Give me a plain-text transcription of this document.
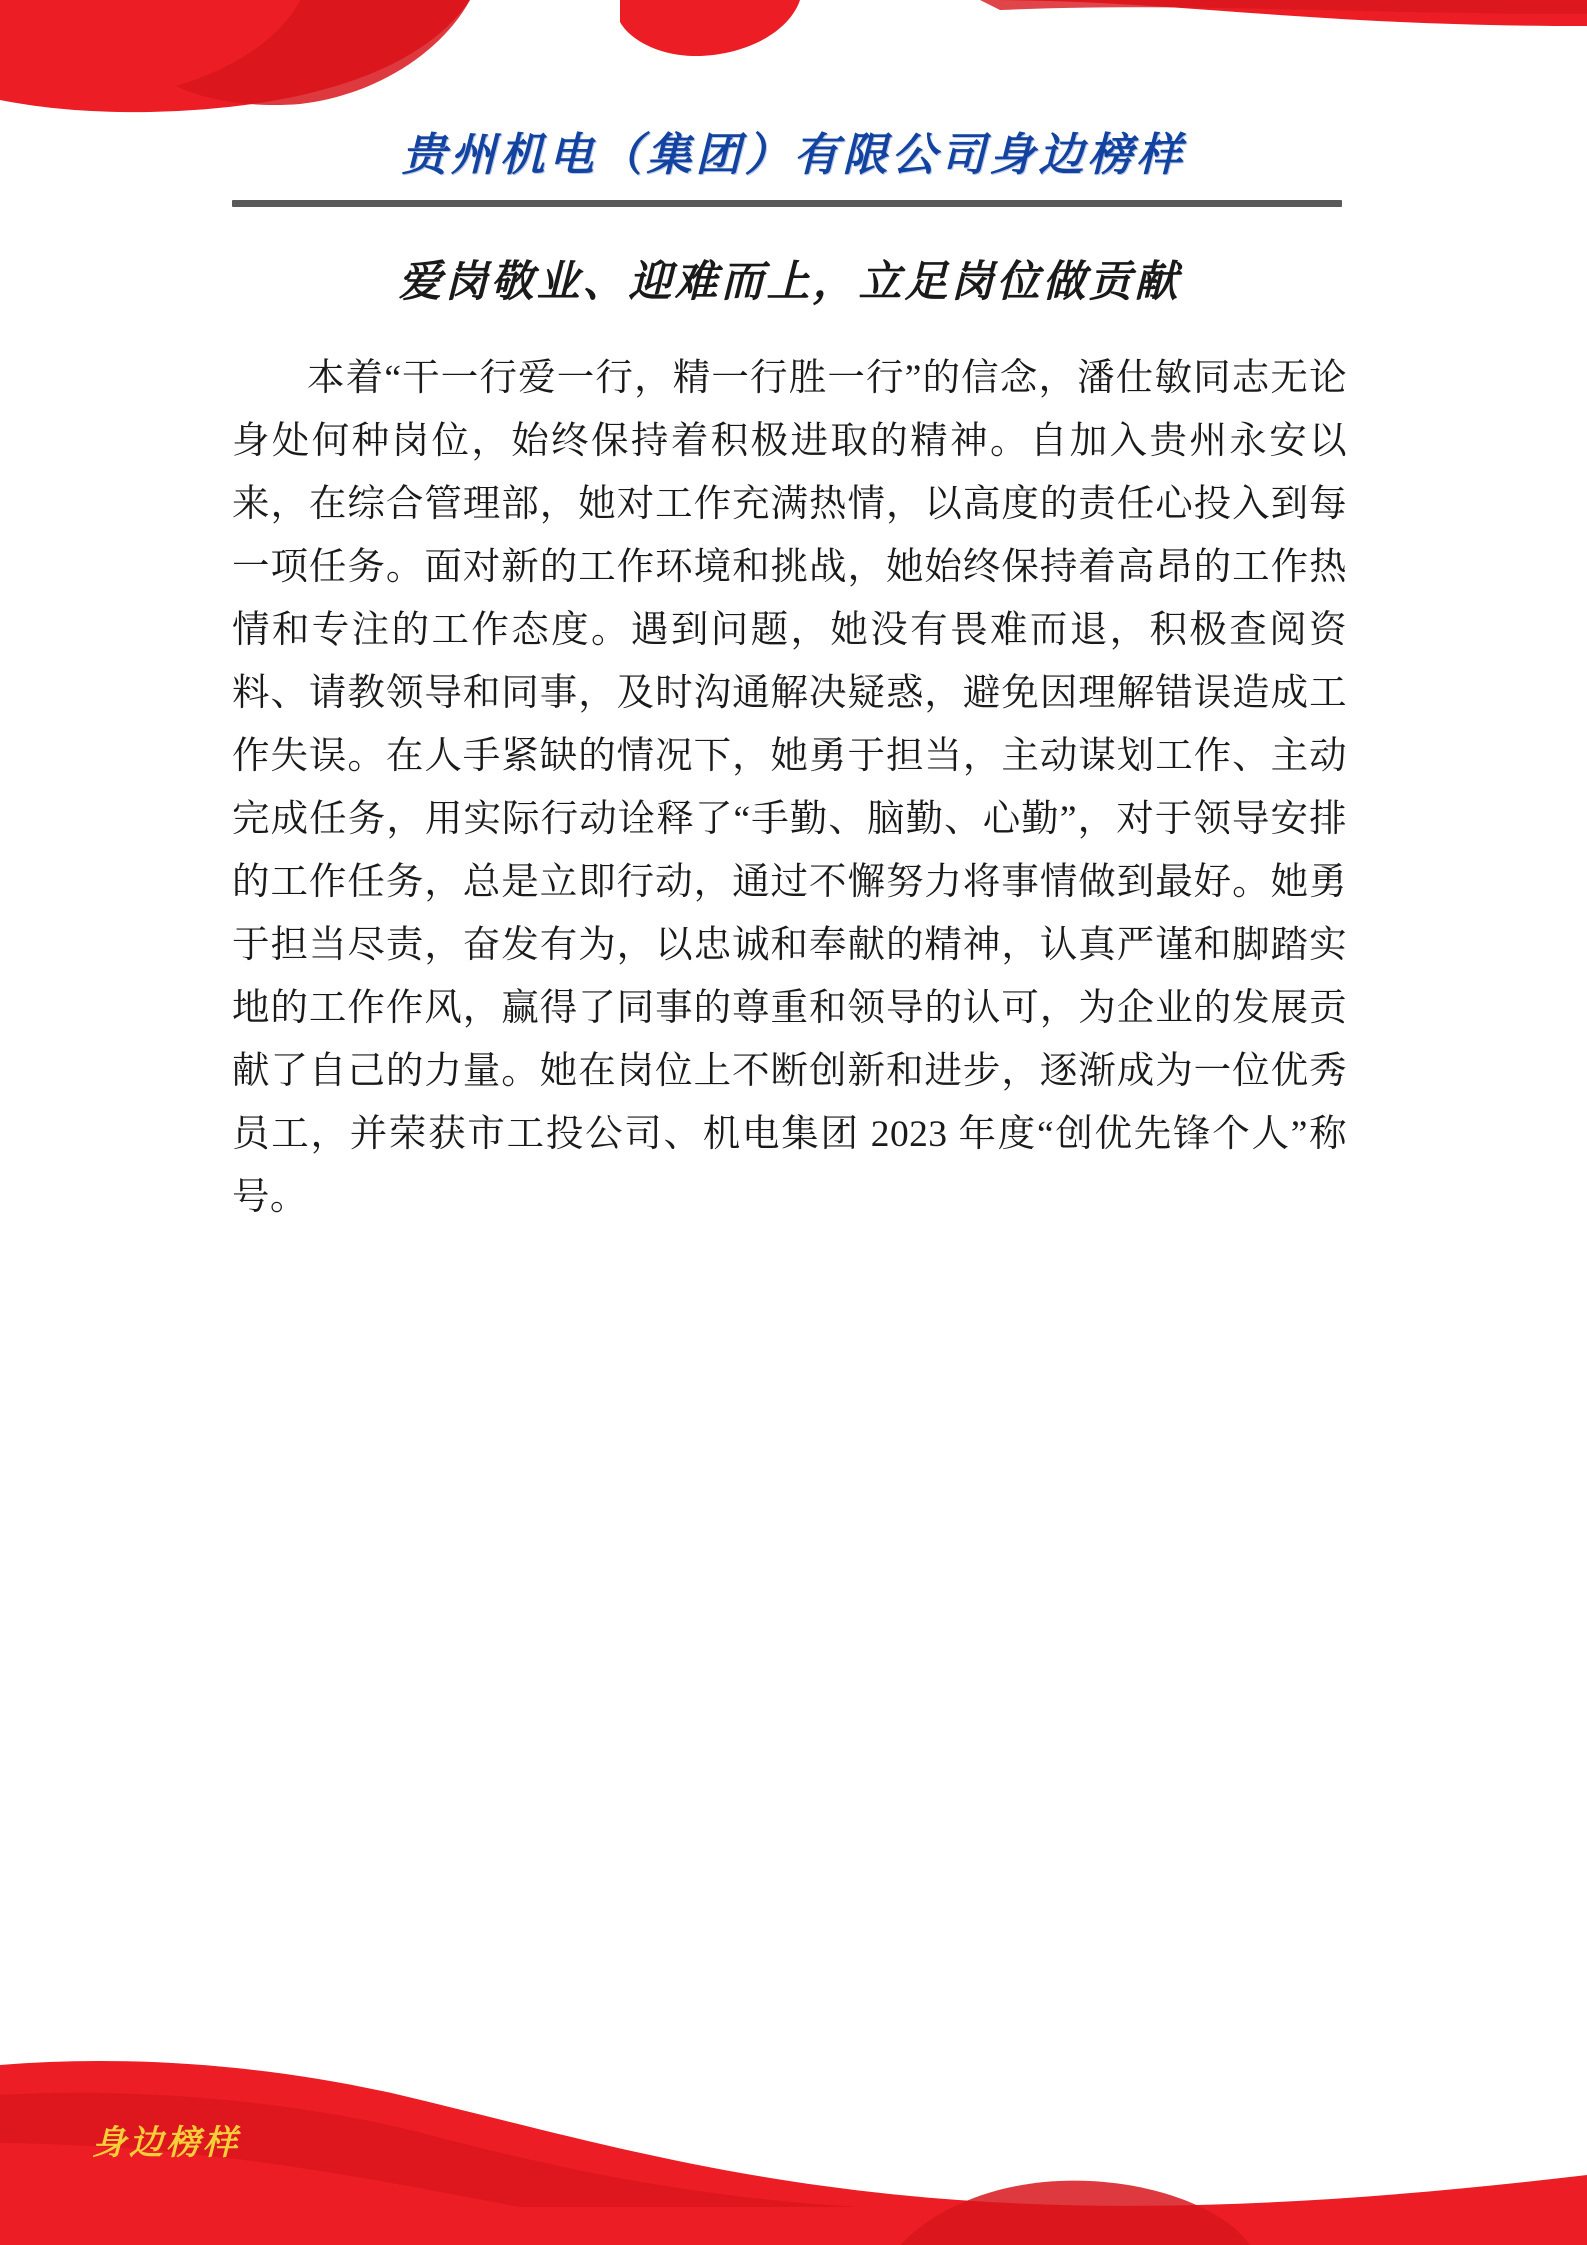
贵州机电（集团）有限公司身边榜样
爱岗敬业、迎难而上，立足岗位做贡献

本着“干一行爱一行，精一行胜一行”的信念，潘仕敏同志无论身处何种岗位，始终保持着积极进取的精神。自加入贵州永安以来，在综合管理部，她对工作充满热情，以高度的责任心投入到每一项任务。面对新的工作环境和挑战，她始终保持着高昂的工作热情和专注的工作态度。遇到问题，她没有畏难而退，积极查阅资料、请教领导和同事，及时沟通解决疑惑，避免因理解错误造成工作失误。在人手紧缺的情况下，她勇于担当，主动谋划工作、主动完成任务，用实际行动诠释了“手勤、脑勤、心勤”，对于领导安排的工作任务，总是立即行动，通过不懈努力将事情做到最好。她勇于担当尽责，奋发有为，以忠诚和奉献的精神，认真严谨和脚踏实地的工作作风，赢得了同事的尊重和领导的认可，为企业的发展贡献了自己的力量。她在岗位上不断创新和进步，逐渐成为一位优秀员工，并荣获市工投公司、机电集团 2023 年度“创优先锋个人”称号。

身边榜样
